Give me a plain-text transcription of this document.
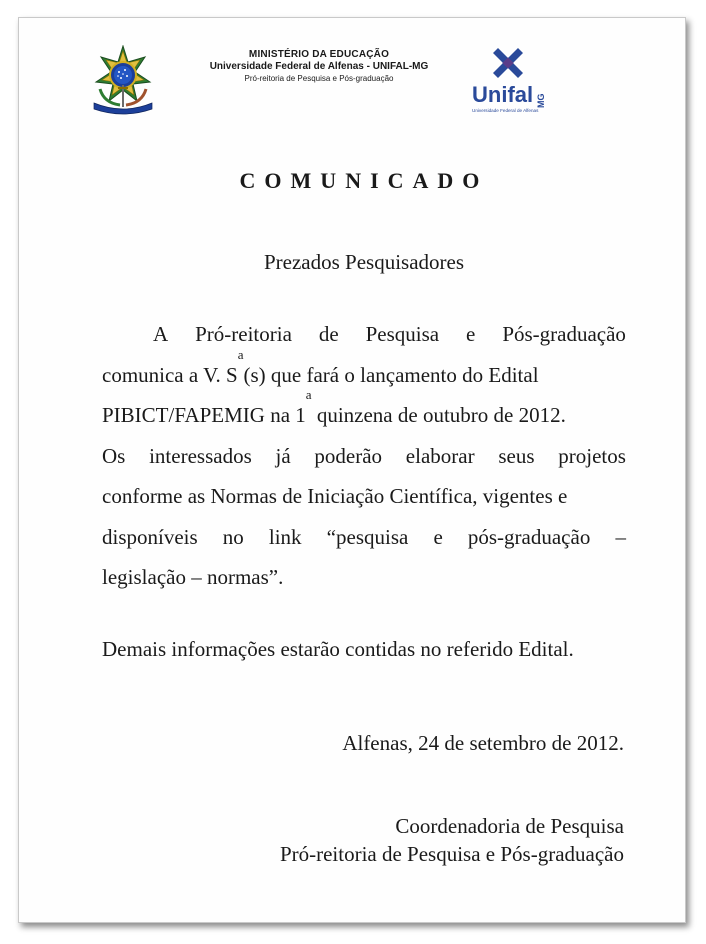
MINISTÉRIO DA EDUCAÇÃO
Universidade Federal de Alfenas - UNIFAL-MG
Pró-reitoria de Pesquisa e Pós-graduação
Unifal MG
Universidade Federal de Alfenas
COMUNICADO
Prezados Pesquisadores
A Pró-reitoria de Pesquisa e Pós-graduação
comunica a V. S
a
(s) que fará o lançamento do Edital
PIBICT/FAPEMIG na 1
a
quinzena de outubro de 2012.
Os interessados já poderão elaborar seus projetos
conforme as Normas de Iniciação Científica, vigentes e
disponíveis no link “pesquisa e pós-graduação –
legislação – normas”.
Demais informações estarão contidas no referido Edital.
Alfenas, 24 de setembro de 2012.
Coordenadoria de Pesquisa
Pró-reitoria de Pesquisa e Pós-graduação
